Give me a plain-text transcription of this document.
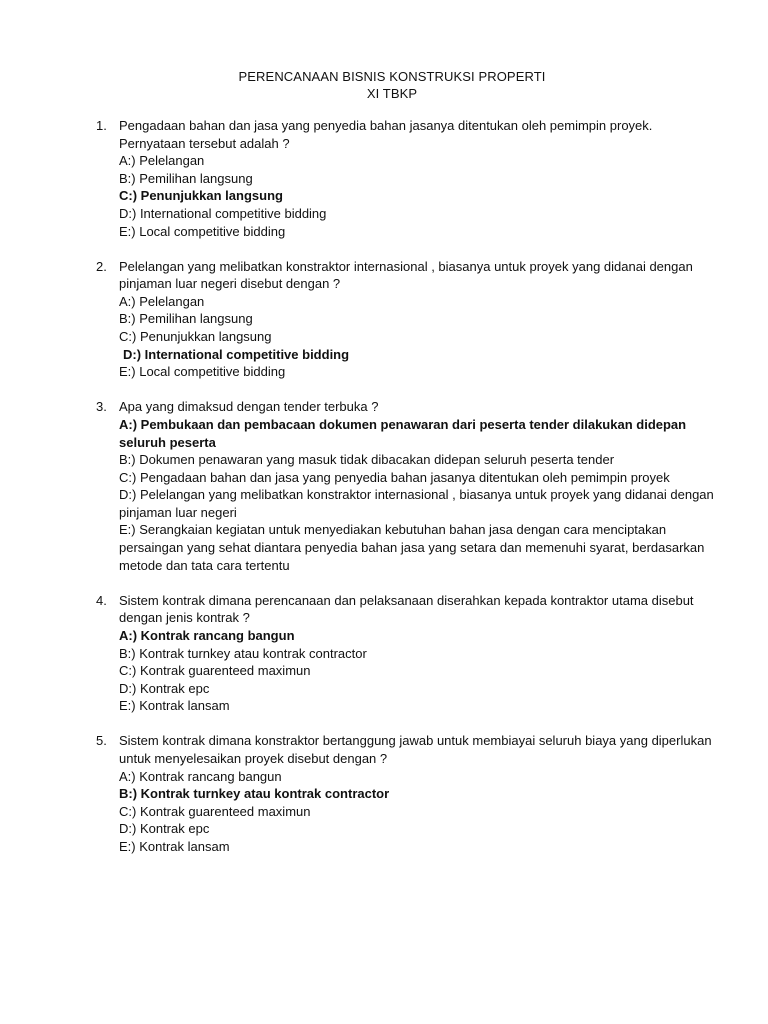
PERENCANAAN BISNIS KONSTRUKSI PROPERTI
XI TBKP
1. Pengadaan bahan dan jasa yang penyedia bahan jasanya ditentukan oleh pemimpin proyek. Pernyataan tersebut adalah ?
A:) Pelelangan
B:) Pemilihan langsung
C:) Penunjukkan langsung
D:) International competitive bidding
E:) Local competitive bidding
2. Pelelangan yang melibatkan konstraktor internasional , biasanya untuk proyek yang didanai dengan pinjaman luar negeri disebut dengan ?
A:) Pelelangan
B:) Pemilihan langsung
C:) Penunjukkan langsung
D:) International competitive bidding
E:) Local competitive bidding
3. Apa yang dimaksud dengan tender terbuka ?
A:) Pembukaan dan pembacaan dokumen penawaran dari peserta tender dilakukan didepan seluruh peserta
B:) Dokumen penawaran yang masuk tidak dibacakan didepan seluruh peserta tender
C:) Pengadaan bahan dan jasa yang penyedia bahan jasanya ditentukan oleh pemimpin proyek
D:) Pelelangan yang melibatkan konstraktor internasional , biasanya untuk proyek yang didanai dengan pinjaman luar negeri
E:) Serangkaian kegiatan untuk menyediakan kebutuhan bahan jasa dengan cara menciptakan persaingan yang sehat diantara penyedia bahan jasa yang setara dan memenuhi syarat, berdasarkan metode dan tata cara tertentu
4. Sistem kontrak dimana perencanaan dan pelaksanaan diserahkan kepada kontraktor utama disebut dengan jenis kontrak ?
A:) Kontrak rancang bangun
B:) Kontrak turnkey atau kontrak contractor
C:) Kontrak guarenteed maximun
D:) Kontrak epc
E:) Kontrak lansam
5. Sistem kontrak dimana konstraktor bertanggung jawab untuk membiayai seluruh biaya yang diperlukan untuk menyelesaikan proyek disebut dengan ?
A:) Kontrak rancang bangun
B:) Kontrak turnkey atau kontrak contractor
C:) Kontrak guarenteed maximun
D:) Kontrak epc
E:) Kontrak lansam
